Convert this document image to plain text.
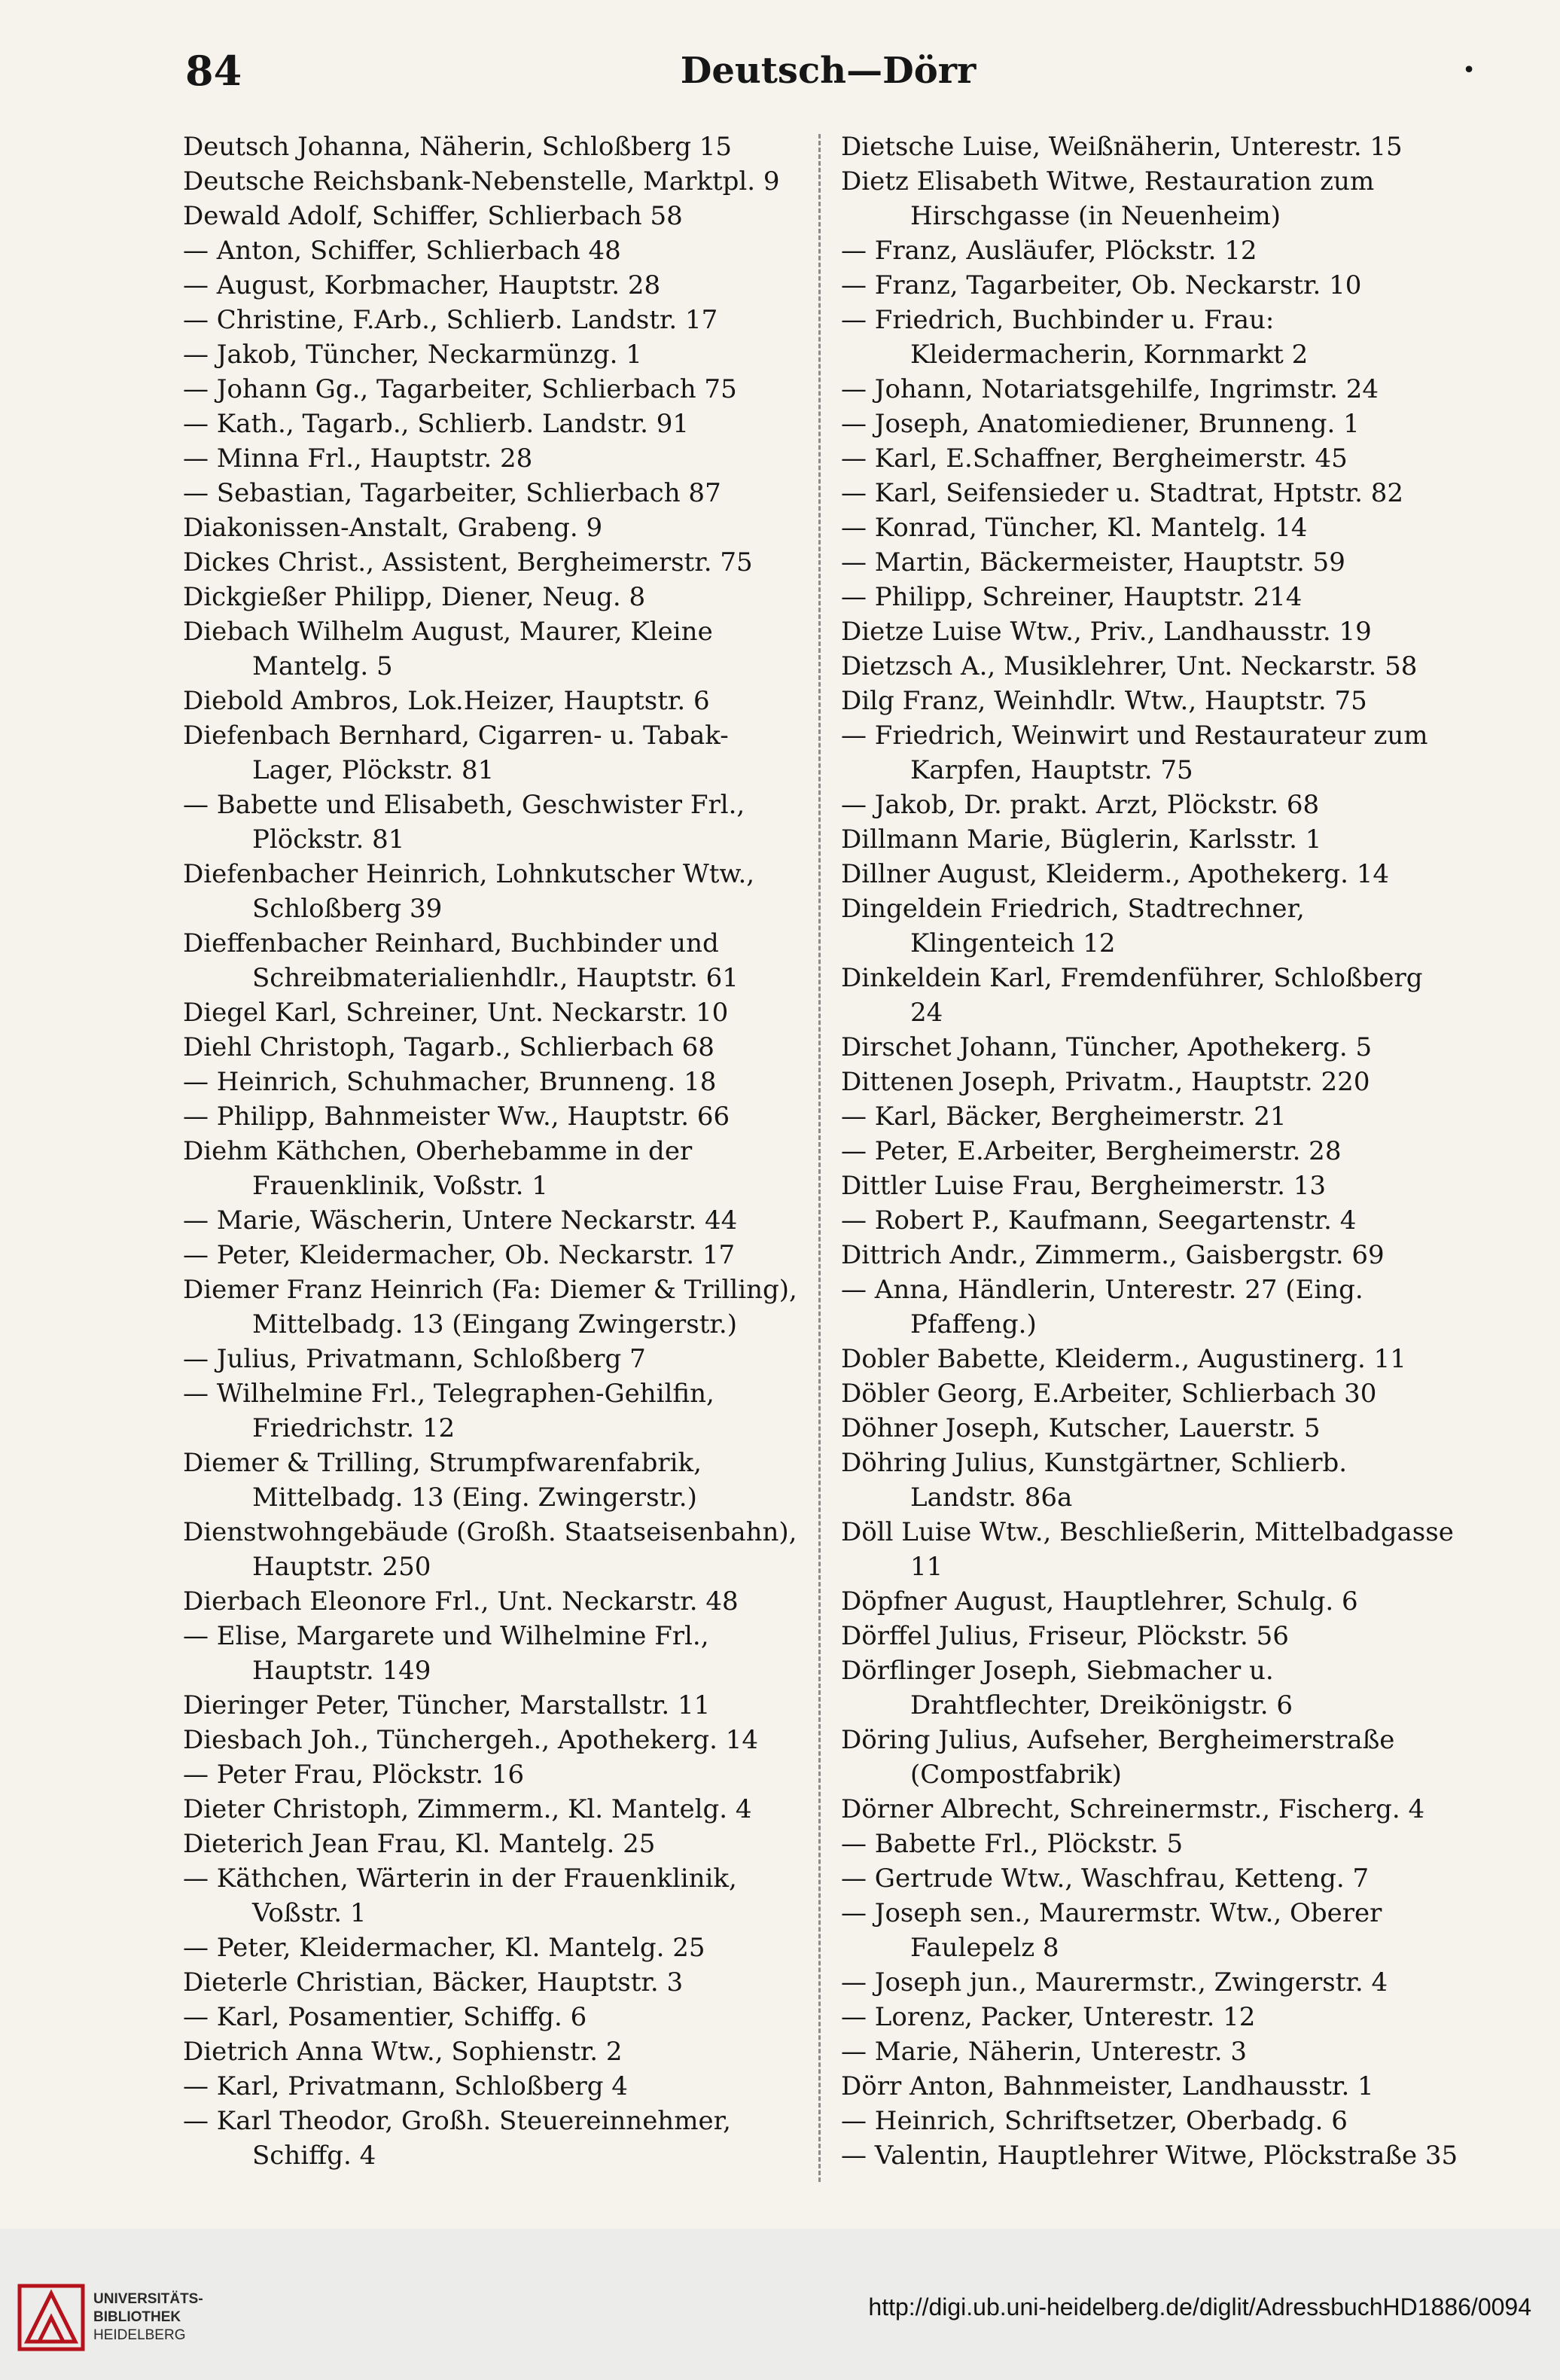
84	Deutsch—Dörr	•
Deutsch Johanna, Näherin, Schloßberg 15
Deutsche Reichsbank-Nebenstelle, Marktpl. 9
Dewald Adolf, Schiffer, Schlierbach 58
— Anton, Schiffer, Schlierbach 48
— August, Korbmacher, Hauptstr. 28
— Christine, F.Arb., Schlierb. Landstr. 17
— Jakob, Tüncher, Neckarmünzg. 1
— Johann Gg., Tagarbeiter, Schlierbach 75
— Kath., Tagarb., Schlierb. Landstr. 91
— Minna Frl., Hauptstr. 28
— Sebastian, Tagarbeiter, Schlierbach 87
Diakonissen-Anstalt, Grabeng. 9
Dickes Christ., Assistent, Bergheimerstr. 75
Dickgießer Philipp, Diener, Neug. 8
Diebach Wilhelm August, Maurer, Kleine Mantelg. 5
Diebold Ambros, Lok.Heizer, Hauptstr. 6
Diefenbach Bernhard, Cigarren- u. Tabak-Lager, Plöckstr. 81
— Babette und Elisabeth, Geschwister Frl., Plöckstr. 81
Diefenbacher Heinrich, Lohnkutscher Wtw., Schloßberg 39
Dieffenbacher Reinhard, Buchbinder und Schreibmaterialienhdlr., Hauptstr. 61
Diegel Karl, Schreiner, Unt. Neckarstr. 10
Diehl Christoph, Tagarb., Schlierbach 68
— Heinrich, Schuhmacher, Brunneng. 18
— Philipp, Bahnmeister Ww., Hauptstr. 66
Diehm Käthchen, Oberhebamme in der Frauenklinik, Voßstr. 1
— Marie, Wäscherin, Untere Neckarstr. 44
— Peter, Kleidermacher, Ob. Neckarstr. 17
Diemer Franz Heinrich (Fa: Diemer & Trilling), Mittelbadg. 13 (Eingang Zwingerstr.)
— Julius, Privatmann, Schloßberg 7
— Wilhelmine Frl., Telegraphen-Gehilfin, Friedrichstr. 12
Diemer & Trilling, Strumpfwarenfabrik, Mittelbadg. 13 (Eing. Zwingerstr.)
Dienstwohngebäude (Großh. Staatseisenbahn), Hauptstr. 250
Dierbach Eleonore Frl., Unt. Neckarstr. 48
— Elise, Margarete und Wilhelmine Frl., Hauptstr. 149
Dieringer Peter, Tüncher, Marstallstr. 11
Diesbach Joh., Tünchergeh., Apothekerg. 14
— Peter Frau, Plöckstr. 16
Dieter Christoph, Zimmerm., Kl. Mantelg. 4
Dieterich Jean Frau, Kl. Mantelg. 25
— Käthchen, Wärterin in der Frauenklinik, Voßstr. 1
— Peter, Kleidermacher, Kl. Mantelg. 25
Dieterle Christian, Bäcker, Hauptstr. 3
— Karl, Posamentier, Schiffg. 6
Dietrich Anna Wtw., Sophienstr. 2
— Karl, Privatmann, Schloßberg 4
— Karl Theodor, Großh. Steuereinnehmer, Schiffg. 4
Dietsche Luise, Weißnäherin, Unterestr. 15
Dietz Elisabeth Witwe, Restauration zum Hirschgasse (in Neuenheim)
— Franz, Ausläufer, Plöckstr. 12
— Franz, Tagarbeiter, Ob. Neckarstr. 10
— Friedrich, Buchbinder u. Frau: Kleidermacherin, Kornmarkt 2
— Johann, Notariatsgehilfe, Ingrimstr. 24
— Joseph, Anatomiediener, Brunneng. 1
— Karl, E.Schaffner, Bergheimerstr. 45
— Karl, Seifensieder u. Stadtrat, Hptstr. 82
— Konrad, Tüncher, Kl. Mantelg. 14
— Martin, Bäckermeister, Hauptstr. 59
— Philipp, Schreiner, Hauptstr. 214
Dietze Luise Wtw., Priv., Landhausstr. 19
Dietzsch A., Musiklehrer, Unt. Neckarstr. 58
Dilg Franz, Weinhdlr. Wtw., Hauptstr. 75
— Friedrich, Weinwirt und Restaurateur zum Karpfen, Hauptstr. 75
— Jakob, Dr. prakt. Arzt, Plöckstr. 68
Dillmann Marie, Büglerin, Karlsstr. 1
Dillner August, Kleiderm., Apothekerg. 14
Dingeldein Friedrich, Stadtrechner, Klingenteich 12
Dinkeldein Karl, Fremdenführer, Schloßberg 24
Dirschet Johann, Tüncher, Apothekerg. 5
Dittenen Joseph, Privatm., Hauptstr. 220
— Karl, Bäcker, Bergheimerstr. 21
— Peter, E.Arbeiter, Bergheimerstr. 28
Dittler Luise Frau, Bergheimerstr. 13
— Robert P., Kaufmann, Seegartenstr. 4
Dittrich Andr., Zimmerm., Gaisbergstr. 69
— Anna, Händlerin, Unterestr. 27 (Eing. Pfaffeng.)
Dobler Babette, Kleiderm., Augustinerg. 11
Döbler Georg, E.Arbeiter, Schlierbach 30
Döhner Joseph, Kutscher, Lauerstr. 5
Döhring Julius, Kunstgärtner, Schlierb. Landstr. 86a
Döll Luise Wtw., Beschließerin, Mittelbadgasse 11
Döpfner August, Hauptlehrer, Schulg. 6
Dörffel Julius, Friseur, Plöckstr. 56
Dörflinger Joseph, Siebmacher u. Drahtflechter, Dreikönigstr. 6
Döring Julius, Aufseher, Bergheimerstraße (Compostfabrik)
Dörner Albrecht, Schreinermstr., Fischerg. 4
— Babette Frl., Plöckstr. 5
— Gertrude Wtw., Waschfrau, Ketteng. 7
— Joseph sen., Maurermstr. Wtw., Oberer Faulepelz 8
— Joseph jun., Maurermstr., Zwingerstr. 4
— Lorenz, Packer, Unterestr. 12
— Marie, Näherin, Unterestr. 3
Dörr Anton, Bahnmeister, Landhausstr. 1
— Heinrich, Schriftsetzer, Oberbadg. 6
— Valentin, Hauptlehrer Witwe, Plöckstraße 35
UNIVERSITÄTS-
BIBLIOTHEK
HEIDELBERG
http://digi.ub.uni-heidelberg.de/diglit/AdressbuchHD1886/0094
